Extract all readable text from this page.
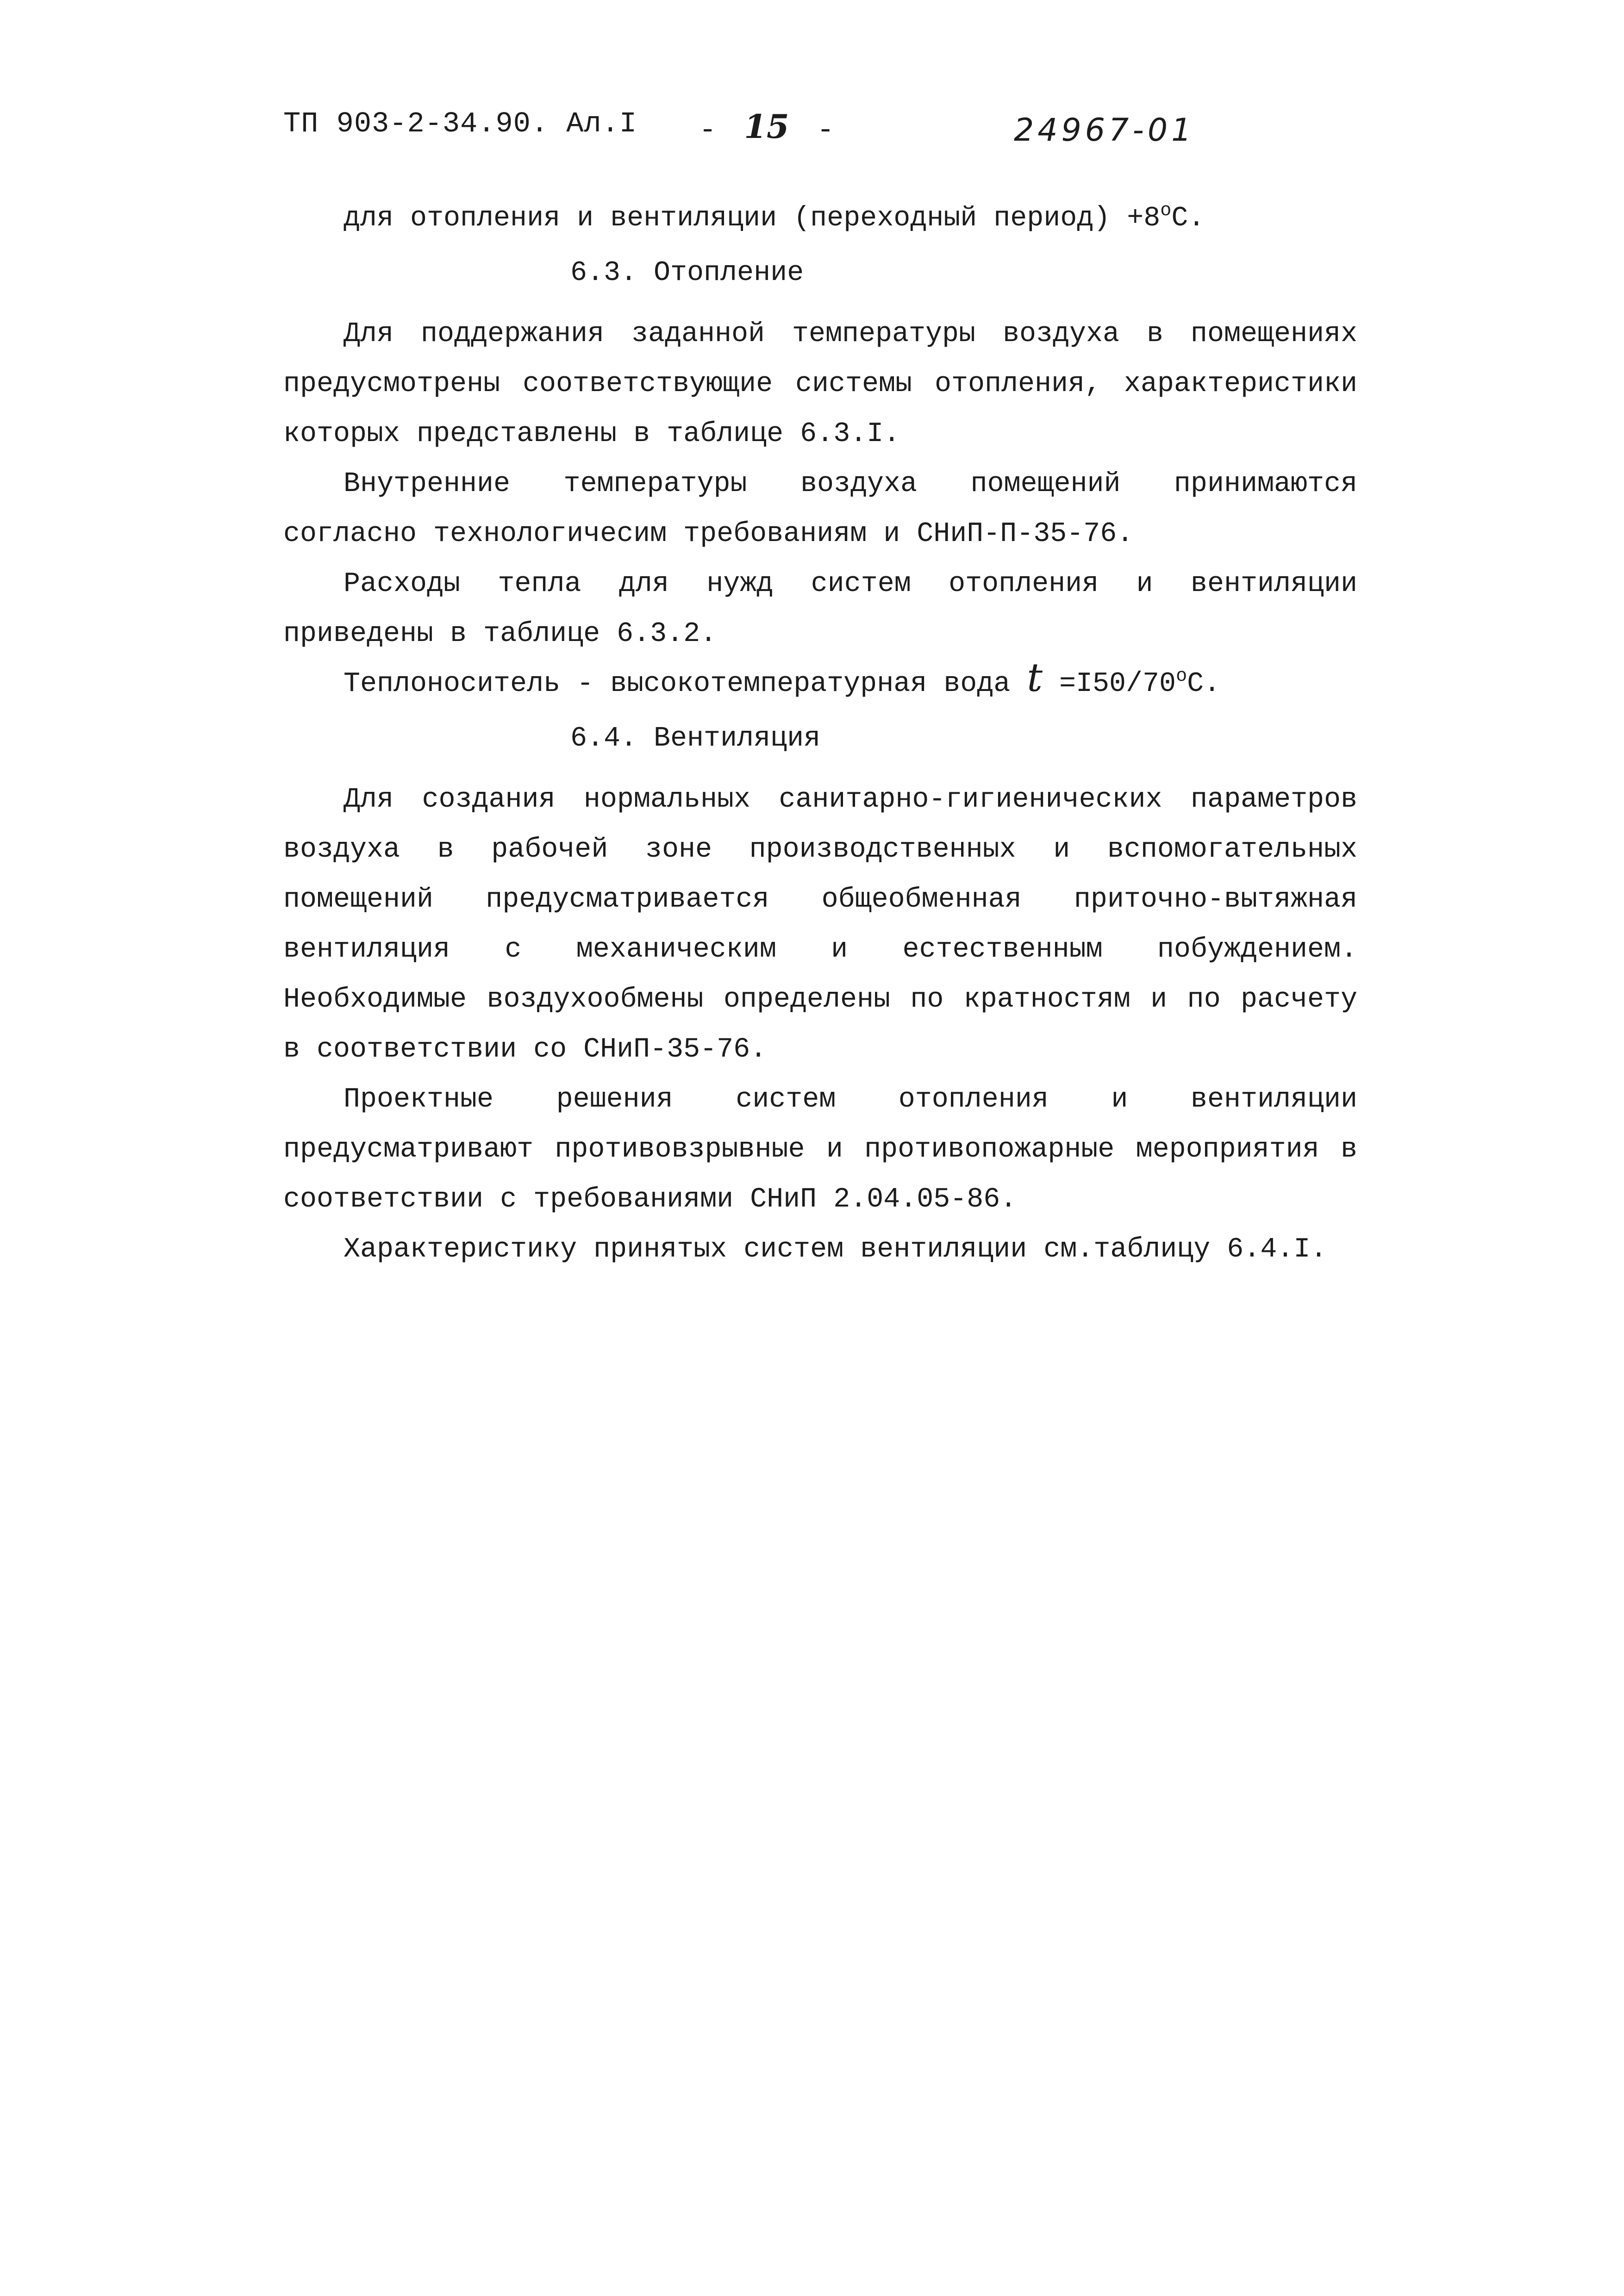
ТП 903-2-34.90. Ал.I - 15 -	24967-01

для отопления и вентиляции (переходный период) $+8^oC$.

6.3. Отопление

Для поддержания заданной температуры воздуха в помещениях предусмотрены соответствующие системы отопления, характеристики которых представлены в таблице 6.3.I.

Внутренние температуры воздуха помещений принимаются согласно технологичесим требованиям и СНиП-П-35-76.

Расходы тепла для нужд систем отопления и вентиляции приведены в таблице 6.3.2.

Теплоноситель - высокотемпературная вода $t =I50/70^oC$.

6.4. Вентиляция

Для создания нормальных санитарно-гигиенических параметров воздуха в рабочей зоне производственных и вспомогательных помещений предусматривается общеобменная приточно-вытяжная вентиляция с механическим и естественным побуждением. Необходимые воздухообмены определены по кратностям и по расчету в соответствии со СНиП-35-76.

Проектные решения систем отопления и вентиляции предусматривают противовзрывные и противопожарные мероприятия в соответствии с требованиями СНиП 2.04.05-86.

Характеристику принятых систем вентиляции см.таблицу 6.4.I.
